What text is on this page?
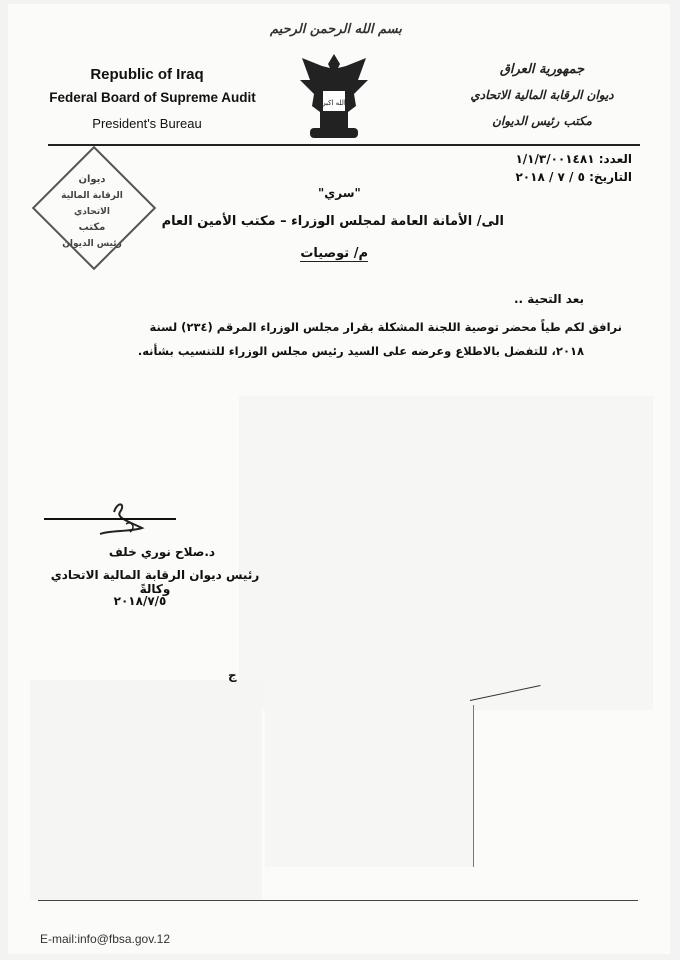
بسم الله الرحمن الرحيم
Republic of Iraq
Federal Board of Supreme Audit
President's Bureau
الله اكبر
جمهورية العراق
ديوان الرقابة المالية الاتحادي
مكتب رئيس الديوان
العدد: ١/١/٣/٠٠١٤٨١
التاريخ: ٥ / ٧ / ٢٠١٨
ديوان
الرقابة المالية الاتحادي
مكتب
رئيس الديوان
"سري"
الى/ الأمانة العامة لمجلس الوزراء – مكتب الأمين العام
م/ توصيات
بعد التحية ..
نرافق لكم طياً محضر توصية اللجنة المشكلة بقرار مجلس الوزراء المرقم (٢٣٤) لسنة
٢٠١٨، للتفضل بالاطلاع وعرضه على السيد رئيس مجلس الوزراء للتنسيب بشأنه.
ج
د.صلاح نوري خلف
رئيس ديوان الرقابة المالية الاتحادي وكالةً
٢٠١٨/٧/٥
E-mail:info@fbsa.gov.12
